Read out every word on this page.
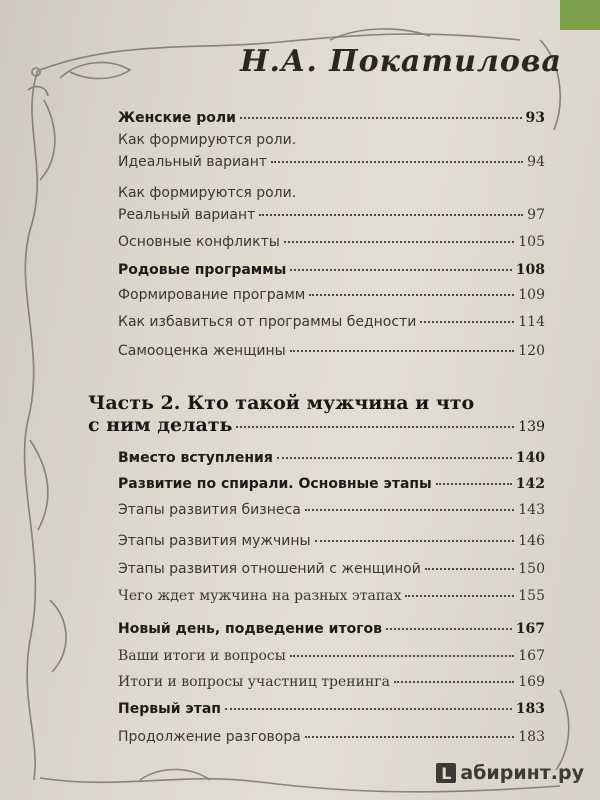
Н.А. Покатилова
Женские роли	93
Как формируются роли.
Идеальный вариант	94
Как формируются роли.
Реальный вариант	97
Основные конфликты	105
Родовые программы	108
Формирование программ	109
Как избавиться от программы бедности	114
Самооценка женщины	120
Часть 2. Кто такой мужчина и что
с ним делать	139
Вместо вступления	140
Развитие по спирали. Основные этапы	142
Этапы развития бизнеса	143
Этапы развития мужчины	146
Этапы развития отношений с женщиной	150
Чего ждет мужчина на разных этапах	155
Новый день, подведение итогов	167
Ваши итоги и вопросы	167
Итоги и вопросы участниц тренинга	169
Первый этап	183
Продолжение разговора	183
L абиринт.ру
